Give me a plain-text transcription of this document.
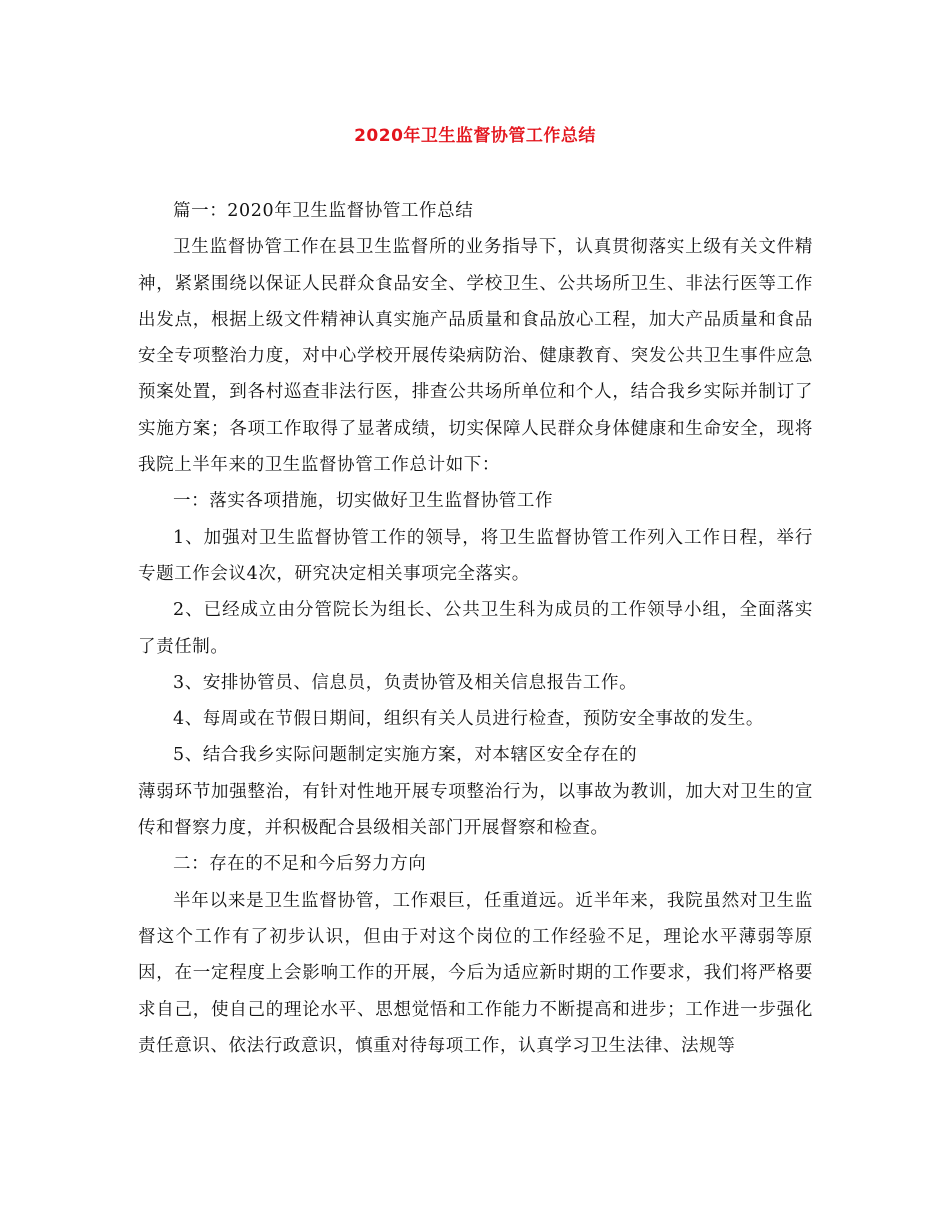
2020年卫生监督协管工作总结

篇一：2020年卫生监督协管工作总结

卫生监督协管工作在县卫生监督所的业务指导下，认真贯彻落实上级有关文件精神，紧紧围绕以保证人民群众食品安全、学校卫生、公共场所卫生、非法行医等工作出发点，根据上级文件精神认真实施产品质量和食品放心工程，加大产品质量和食品安全专项整治力度，对中心学校开展传染病防治、健康教育、突发公共卫生事件应急预案处置，到各村巡查非法行医，排查公共场所单位和个人，结合我乡实际并制订了实施方案；各项工作取得了显著成绩，切实保障人民群众身体健康和生命安全，现将我院上半年来的卫生监督协管工作总计如下：

一：落实各项措施，切实做好卫生监督协管工作

1、加强对卫生监督协管工作的领导，将卫生监督协管工作列入工作日程，举行专题工作会议4次，研究决定相关事项完全落实。

2、已经成立由分管院长为组长、公共卫生科为成员的工作领导小组，全面落实了责任制。

3、安排协管员、信息员，负责协管及相关信息报告工作。

4、每周或在节假日期间，组织有关人员进行检查，预防安全事故的发生。

5、结合我乡实际问题制定实施方案，对本辖区安全存在的

薄弱环节加强整治，有针对性地开展专项整治行为，以事故为教训，加大对卫生的宣传和督察力度，并积极配合县级相关部门开展督察和检查。

二：存在的不足和今后努力方向

半年以来是卫生监督协管，工作艰巨，任重道远。近半年来，我院虽然对卫生监督这个工作有了初步认识，但由于对这个岗位的工作经验不足，理论水平薄弱等原因，在一定程度上会影响工作的开展，今后为适应新时期的工作要求，我们将严格要求自己，使自己的理论水平、思想觉悟和工作能力不断提高和进步；工作进一步强化责任意识、依法行政意识，慎重对待每项工作，认真学习卫生法律、法规等
